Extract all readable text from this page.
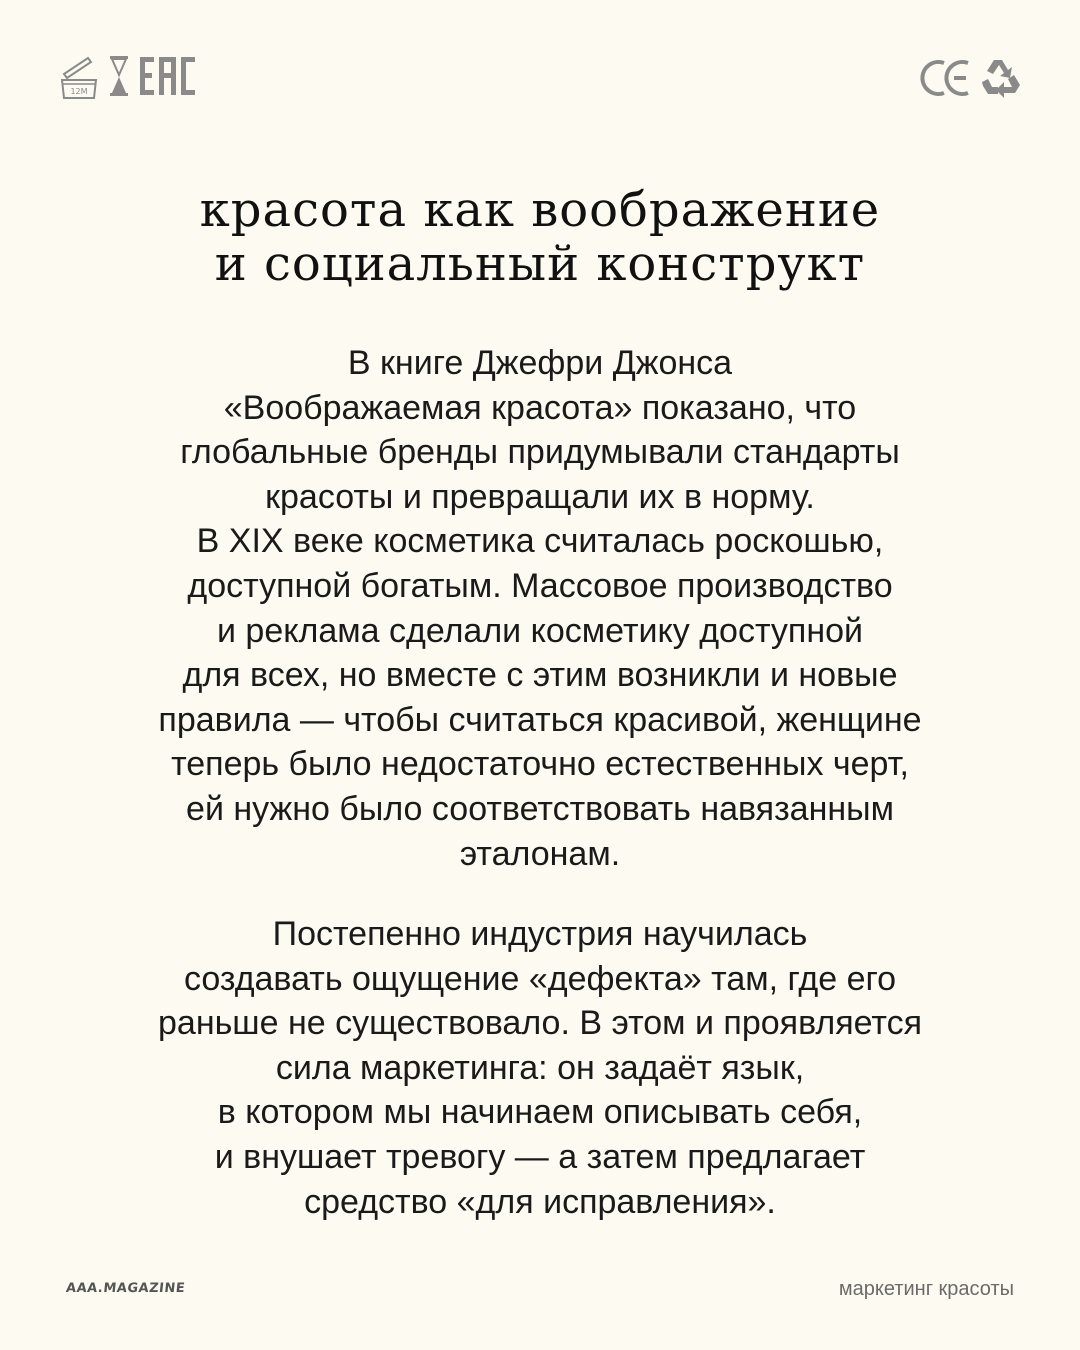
12M
красота как воображение
и социальный конструкт
В книге Джефри Джонса
«Воображаемая красота» показано, что
глобальные бренды придумывали стандарты
красоты и превращали их в норму.
В XIX веке косметика считалась роскошью,
доступной богатым. Массовое производство
и реклама сделали косметику доступной
для всех, но вместе с этим возникли и новые
правила — чтобы считаться красивой, женщине
теперь было недостаточно естественных черт,
ей нужно было соответствовать навязанным
эталонам.
Постепенно индустрия научилась
создавать ощущение «дефекта» там, где его
раньше не существовало. В этом и проявляется
сила маркетинга: он задаёт язык,
в котором мы начинаем описывать себя,
и внушает тревогу — а затем предлагает
средство «для исправления».
AAA.MAGAZINE	маркетинг красоты
